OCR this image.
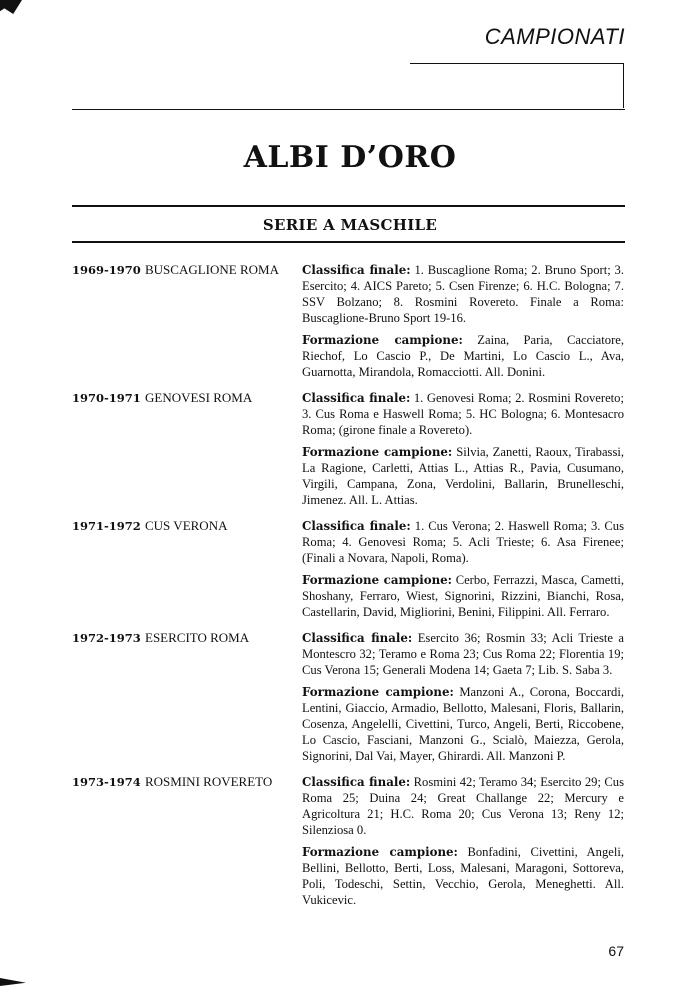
CAMPIONATI
ALBI D’ORO
SERIE A MASCHILE
1969-1970 BUSCAGLIONE ROMA	Classifica finale: 1. Buscaglione Roma; 2. Bruno Sport; 3. Esercito; 4. AICS Pareto; 5. Csen Firenze; 6. H.C. Bologna; 7. SSV Bolzano; 8. Rosmini Rovereto. Finale a Roma: Buscaglione-Bruno Sport 19-16.

Formazione campione: Zaina, Paria, Cacciatore, Riechof, Lo Cascio P., De Martini, Lo Cascio L., Ava, Guarnotta, Mirandola, Romacciotti. All. Donini.

1970-1971 GENOVESI ROMA	Classifica finale: 1. Genovesi Roma; 2. Rosmini Rovereto; 3. Cus Roma e Haswell Roma; 5. HC Bologna; 6. Montesacro Roma; (girone finale a Rovereto).

Formazione campione: Silvia, Zanetti, Raoux, Tirabassi, La Ragione, Carletti, Attias L., Attias R., Pavia, Cusumano, Virgili, Campana, Zona, Verdolini, Ballarin, Brunelleschi, Jimenez. All. L. Attias.

1971-1972 CUS VERONA	Classifica finale: 1. Cus Verona; 2. Haswell Roma; 3. Cus Roma; 4. Genovesi Roma; 5. Acli Trieste; 6. Asa Firenee; (Finali a Novara, Napoli, Roma).

Formazione campione: Cerbo, Ferrazzi, Masca, Cametti, Shoshany, Ferraro, Wiest, Signorini, Rizzini, Bianchi, Rosa, Castellarin, David, Migliorini, Benini, Filippini. All. Ferraro.

1972-1973 ESERCITO ROMA	Classifica finale: Esercito 36; Rosmin 33; Acli Trieste a Montescro 32; Teramo e Roma 23; Cus Roma 22; Florentia 19; Cus Verona 15; Generali Modena 14; Gaeta 7; Lib. S. Saba 3.

Formazione campione: Manzoni A., Corona, Boccardi, Lentini, Giaccio, Armadio, Bellotto, Malesani, Floris, Ballarin, Cosenza, Angelelli, Civettini, Turco, Angeli, Berti, Riccobene, Lo Cascio, Fasciani, Manzoni G., Scialò, Maiezza, Gerola, Signorini, Dal Vai, Mayer, Ghirardi. All. Manzoni P.

1973-1974 ROSMINI ROVERETO	Classifica finale: Rosmini 42; Teramo 34; Esercito 29; Cus Roma 25; Duina 24; Great Challange 22; Mercury e Agricoltura 21; H.C. Roma 20; Cus Verona 13; Reny 12; Silenziosa 0.

Formazione campione: Bonfadini, Civettini, Angeli, Bellini, Bellotto, Berti, Loss, Malesani, Maragoni, Sottoreva, Poli, Todeschi, Settin, Vecchio, Gerola, Meneghetti. All. Vukicevic.

67
